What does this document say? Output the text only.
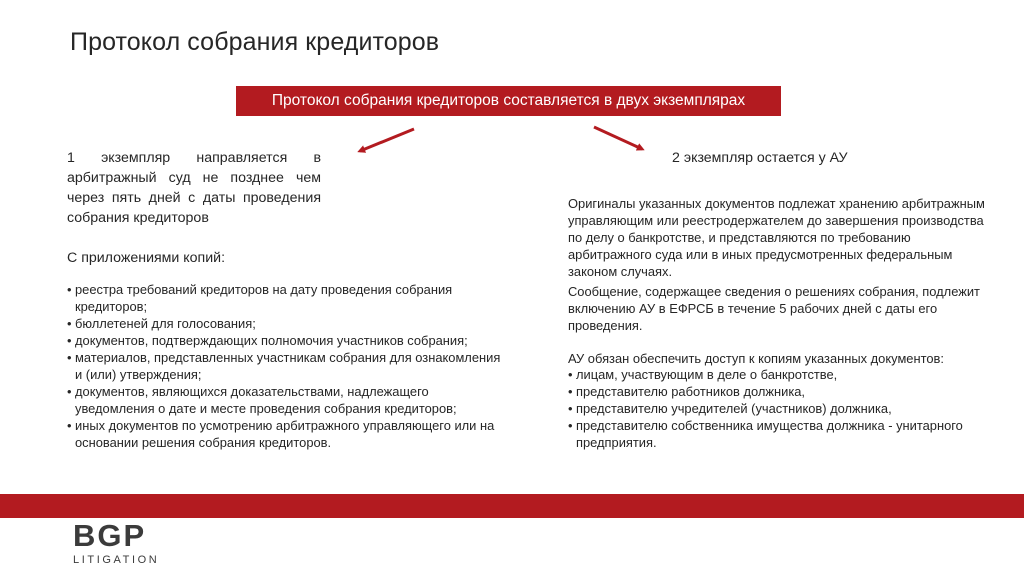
Протокол собрания кредиторов
Протокол собрания кредиторов составляется в двух экземплярах
1 экземпляр направляется в арбитражный суд не позднее чем через пять дней с даты проведения собрания кредиторов
С приложениями копий:
• реестра требований кредиторов на дату проведения собрания кредиторов;
• бюллетеней для голосования;
• документов, подтверждающих полномочия участников собрания;
• материалов, представленных участникам собрания для ознакомления и (или) утверждения;
• документов, являющихся доказательствами, надлежащего уведомления о дате и месте проведения собрания кредиторов;
• иных документов по усмотрению арбитражного управляющего или на основании решения собрания кредиторов.
2 экземпляр остается у АУ
Оригиналы указанных документов подлежат хранению арбитражным управляющим или реестродержателем до завершения производства по делу о банкротстве, и представляются по требованию арбитражного суда или в иных предусмотренных федеральным законом случаях.
Сообщение, содержащее сведения о решениях собрания, подлежит включению АУ в ЕФРСБ в течение 5 рабочих дней с даты его проведения.
АУ обязан обеспечить доступ к копиям указанных документов:
• лицам, участвующим в деле о банкротстве,
• представителю работников должника,
• представителю учредителей (участников) должника,
• представителю собственника имущества должника - унитарного предприятия.
BGP
LITIGATION
